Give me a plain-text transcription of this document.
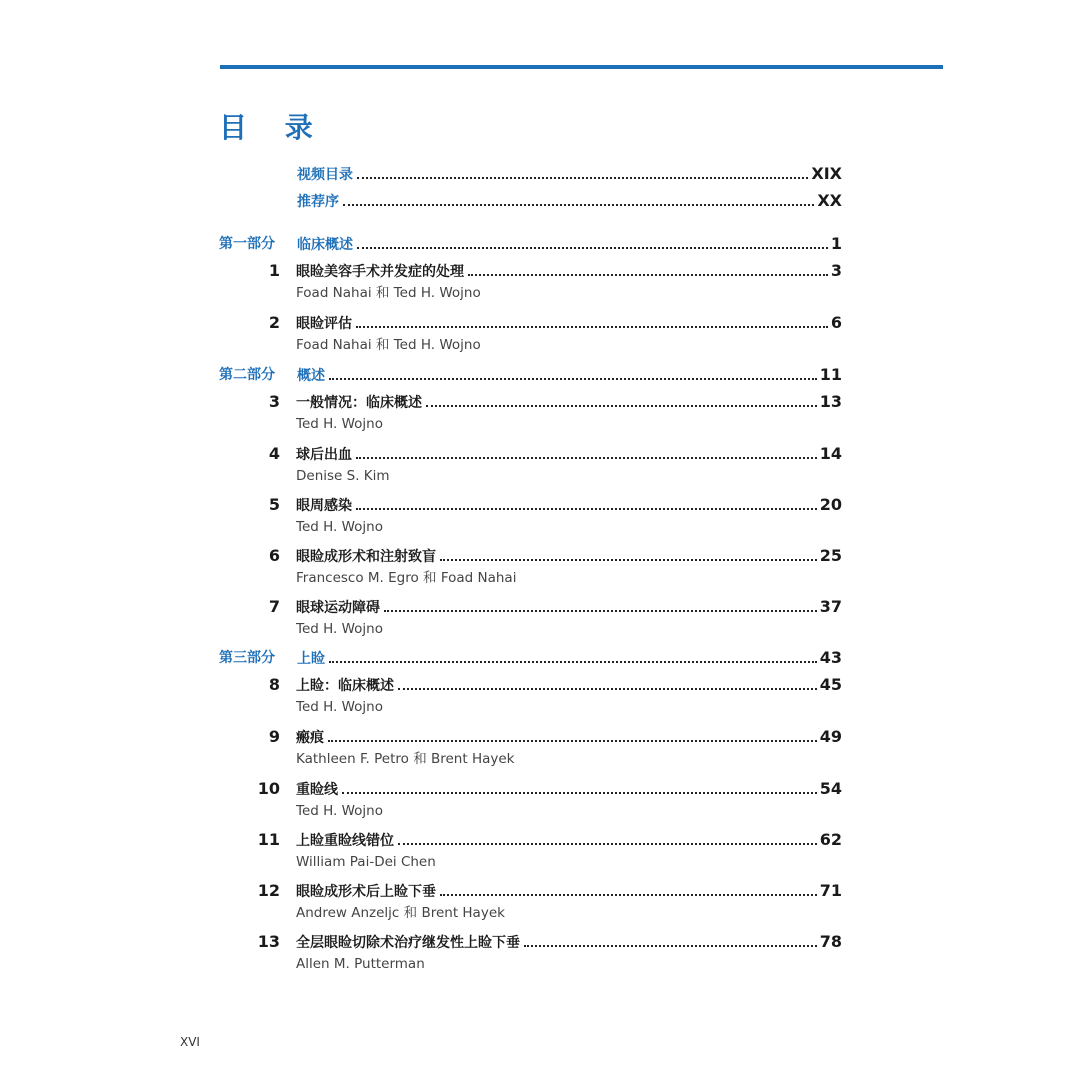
目 录
视频目录	XIX
推荐序	XX
第一部分 临床概述	1
1 眼睑美容手术并发症的处理	3
Foad Nahai 和 Ted H. Wojno
2 眼睑评估	6
Foad Nahai 和 Ted H. Wojno
第二部分 概述	11
3 一般情况：临床概述	13
Ted H. Wojno
4 球后出血	14
Denise S. Kim
5 眼周感染	20
Ted H. Wojno
6 眼睑成形术和注射致盲	25
Francesco M. Egro 和 Foad Nahai
7 眼球运动障碍	37
Ted H. Wojno
第三部分 上睑	43
8 上睑：临床概述	45
Ted H. Wojno
9 瘢痕	49
Kathleen F. Petro 和 Brent Hayek
10 重睑线	54
Ted H. Wojno
11 上睑重睑线错位	62
William Pai-Dei Chen
12 眼睑成形术后上睑下垂	71
Andrew Anzeljc 和 Brent Hayek
13 全层眼睑切除术治疗继发性上睑下垂	78
Allen M. Putterman
XVI
